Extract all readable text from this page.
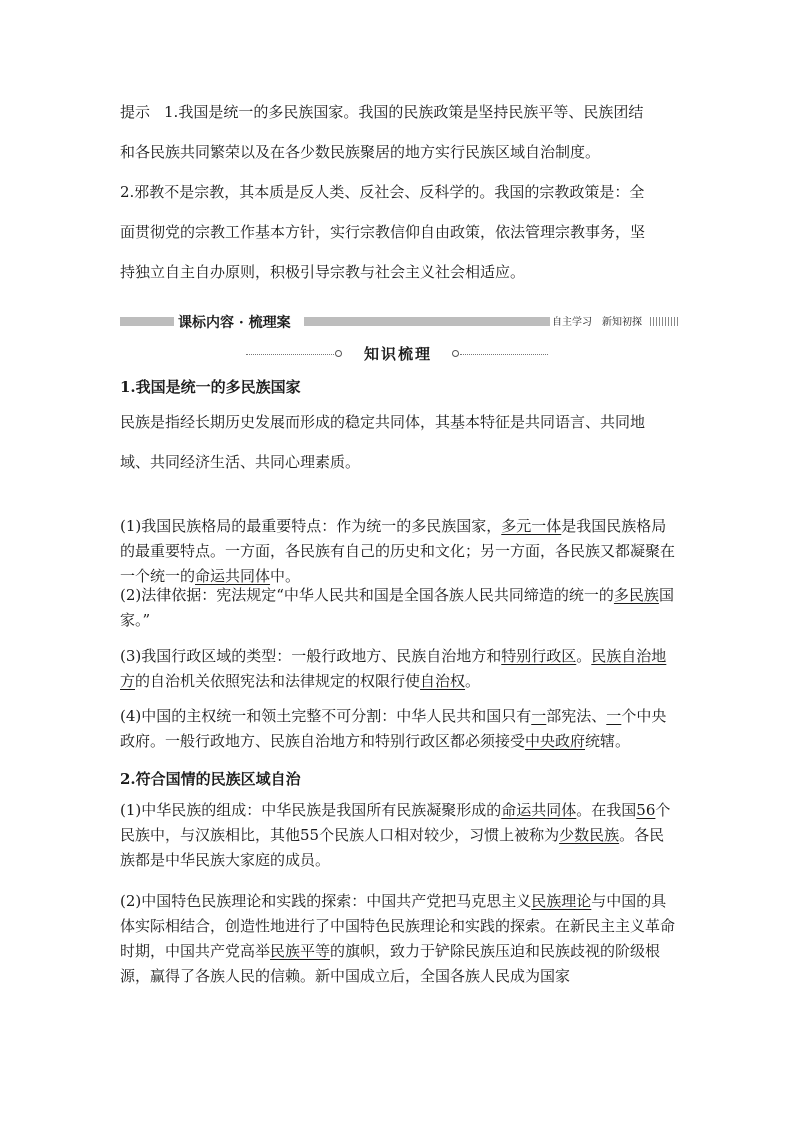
提示 1.我国是统一的多民族国家。我国的民族政策是坚持民族平等、民族团结
和各民族共同繁荣以及在各少数民族聚居的地方实行民族区域自治制度。
2.邪教不是宗教，其本质是反人类、反社会、反科学的。我国的宗教政策是：全
面贯彻党的宗教工作基本方针，实行宗教信仰自由政策，依法管理宗教事务，坚
持独立自主自办原则，积极引导宗教与社会主义社会相适应。
课标内容 · 梳理案	自主学习　新知初探
知识梳理
1.我国是统一的多民族国家
民族是指经长期历史发展而形成的稳定共同体，其基本特征是共同语言、共同地
域、共同经济生活、共同心理素质。
(1)我国民族格局的最重要特点：作为统一的多民族国家，多元一体是我国民族格局的最重要特点。一方面，各民族有自己的历史和文化；另一方面，各民族又都凝聚在一个统一的命运共同体中。
(2)法律依据：宪法规定“中华人民共和国是全国各族人民共同缔造的统一的多民族国家。”
(3)我国行政区域的类型：一般行政地方、民族自治地方和特别行政区。民族自治地方的自治机关依照宪法和法律规定的权限行使自治权。
(4)中国的主权统一和领土完整不可分割：中华人民共和国只有一部宪法、一个中央政府。一般行政地方、民族自治地方和特别行政区都必须接受中央政府统辖。
2.符合国情的民族区域自治
(1)中华民族的组成：中华民族是我国所有民族凝聚形成的命运共同体。在我国56个民族中，与汉族相比，其他55个民族人口相对较少，习惯上被称为少数民族。各民族都是中华民族大家庭的成员。
(2)中国特色民族理论和实践的探索：中国共产党把马克思主义民族理论与中国的具体实际相结合，创造性地进行了中国特色民族理论和实践的探索。在新民主主义革命时期，中国共产党高举民族平等的旗帜，致力于铲除民族压迫和民族歧视的阶级根源，赢得了各族人民的信赖。新中国成立后，全国各族人民成为国家
